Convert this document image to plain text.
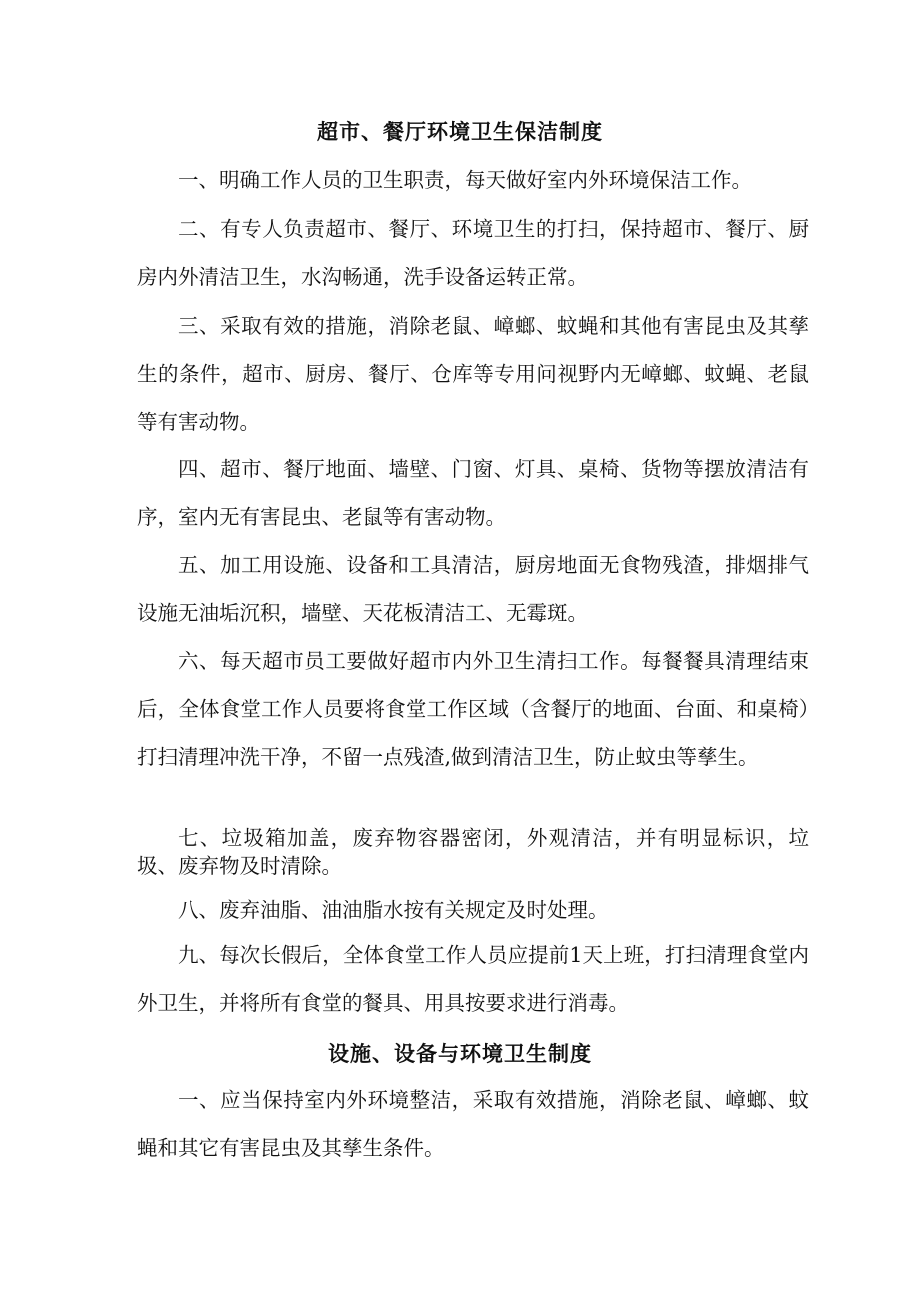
超市、餐厅环境卫生保洁制度

一、明确工作人员的卫生职责，每天做好室内外环境保洁工作。

二、有专人负责超市、餐厅、环境卫生的打扫，保持超市、餐厅、厨房内外清洁卫生，水沟畅通，洗手设备运转正常。

三、采取有效的措施，消除老鼠、嶂螂、蚊蝇和其他有害昆虫及其孳生的条件，超市、厨房、餐厅、仓库等专用问视野内无嶂螂、蚊蝇、老鼠等有害动物。

四、超市、餐厅地面、墙壁、门窗、灯具、桌椅、货物等摆放清洁有序，室内无有害昆虫、老鼠等有害动物。

五、加工用设施、设备和工具清洁，厨房地面无食物残渣，排烟排气设施无油垢沉积，墙壁、天花板清洁工、无霉斑。

六、每天超市员工要做好超市内外卫生清扫工作。每餐餐具清理结束后，全体食堂工作人员要将食堂工作区域（含餐厅的地面、台面、和桌椅）打扫清理冲洗干净，不留一点残渣,做到清洁卫生，防止蚊虫等孳生。

七、垃圾箱加盖，废弃物容器密闭，外观清洁，并有明显标识，垃圾、废弃物及时清除。

八、废弃油脂、油油脂水按有关规定及时处理。

九、每次长假后，全体食堂工作人员应提前1天上班，打扫清理食堂内外卫生，并将所有食堂的餐具、用具按要求进行消毒。

设施、设备与环境卫生制度

一、应当保持室内外环境整洁，采取有效措施，消除老鼠、嶂螂、蚊蝇和其它有害昆虫及其孳生条件。
